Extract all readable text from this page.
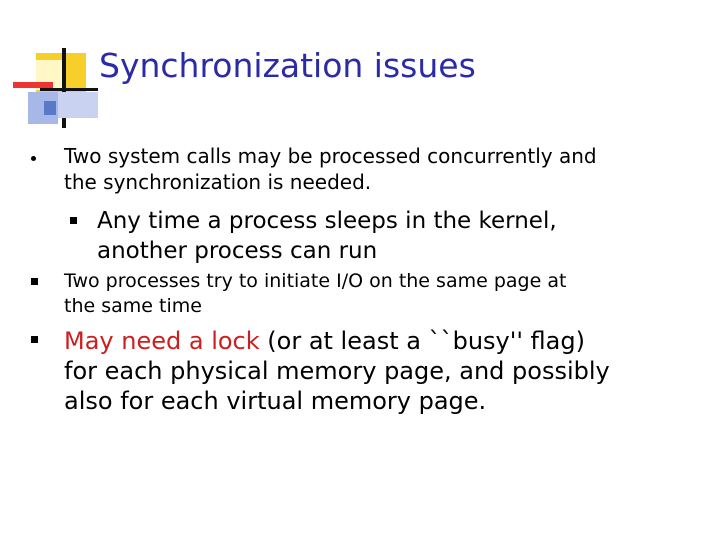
Synchronization issues
Two system calls may be processed concurrently and
the synchronization is needed.
Any time a process sleeps in the kernel,
another process can run
Two processes try to initiate I/O on the same page at
the same time
May need a lock (or at least a ``busy'' flag)
for each physical memory page, and possibly
also for each virtual memory page.
